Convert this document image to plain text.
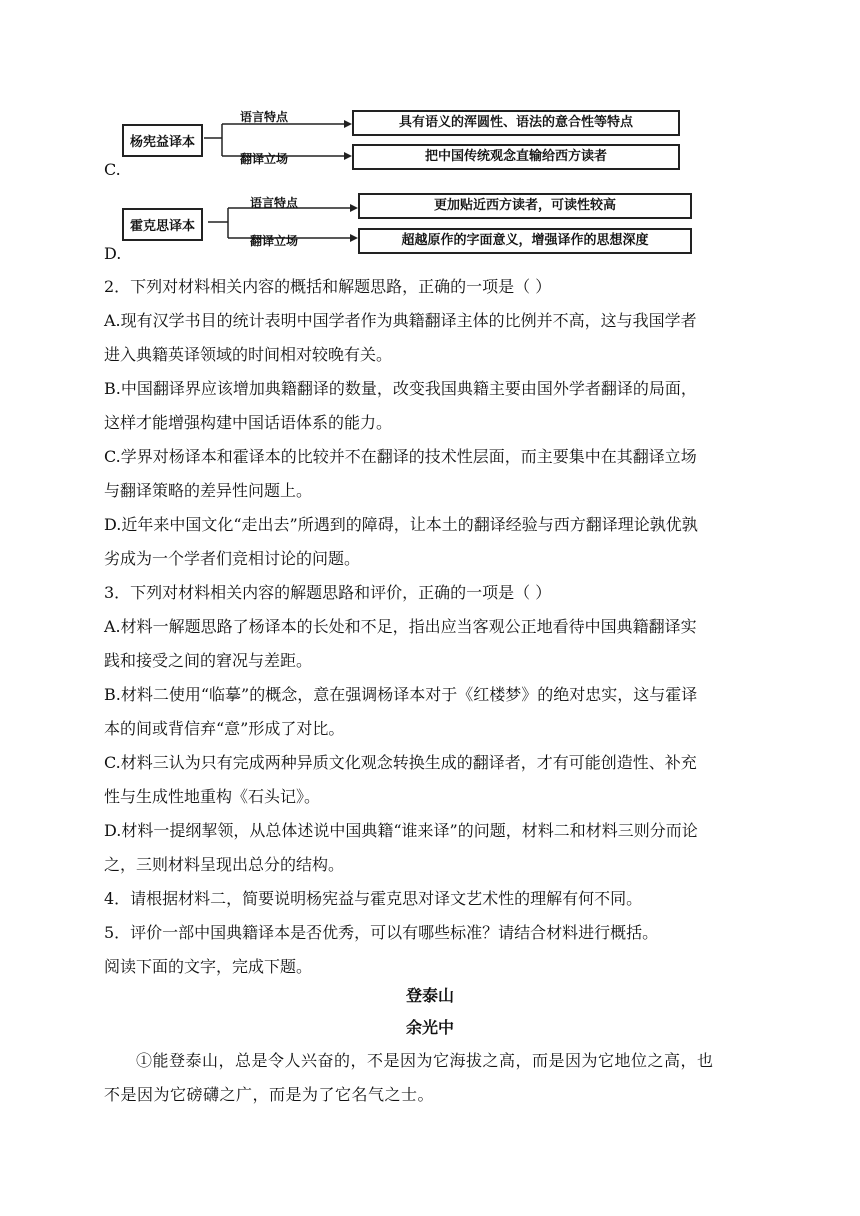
杨宪益译本
语言特点
翻译立场
具有语义的浑圆性、语法的意合性等特点
把中国传统观念直输给西方读者
C.
霍克思译本
语言特点
翻译立场
更加贴近西方读者，可读性较高
超越原作的字面意义，增强译作的思想深度
D.
2．下列对材料相关内容的概括和解题思路，正确的一项是（ ）
A.现有汉学书目的统计表明中国学者作为典籍翻译主体的比例并不高，这与我国学者
进入典籍英译领域的时间相对较晚有关。
B.中国翻译界应该增加典籍翻译的数量，改变我国典籍主要由国外学者翻译的局面，
这样才能增强构建中国话语体系的能力。
C.学界对杨译本和霍译本的比较并不在翻译的技术性层面，而主要集中在其翻译立场
与翻译策略的差异性问题上。
D.近年来中国文化“走出去”所遇到的障碍，让本土的翻译经验与西方翻译理论孰优孰
劣成为一个学者们竞相讨论的问题。
3．下列对材料相关内容的解题思路和评价，正确的一项是（ ）
A.材料一解题思路了杨译本的长处和不足，指出应当客观公正地看待中国典籍翻译实
践和接受之间的窘况与差距。
B.材料二使用“临摹”的概念，意在强调杨译本对于《红楼梦》的绝对忠实，这与霍译
本的间或背信弃“意”形成了对比。
C.材料三认为只有完成两种异质文化观念转换生成的翻译者，才有可能创造性、补充
性与生成性地重构《石头记》。
D.材料一提纲挈领，从总体述说中国典籍“谁来译”的问题，材料二和材料三则分而论
之，三则材料呈现出总分的结构。
4．请根据材料二，简要说明杨宪益与霍克思对译文艺术性的理解有何不同。
5．评价一部中国典籍译本是否优秀，可以有哪些标准？请结合材料进行概括。
阅读下面的文字，完成下题。
登泰山
余光中
①能登泰山，总是令人兴奋的，不是因为它海拔之高，而是因为它地位之高，也
不是因为它磅礴之广，而是为了它名气之士。
